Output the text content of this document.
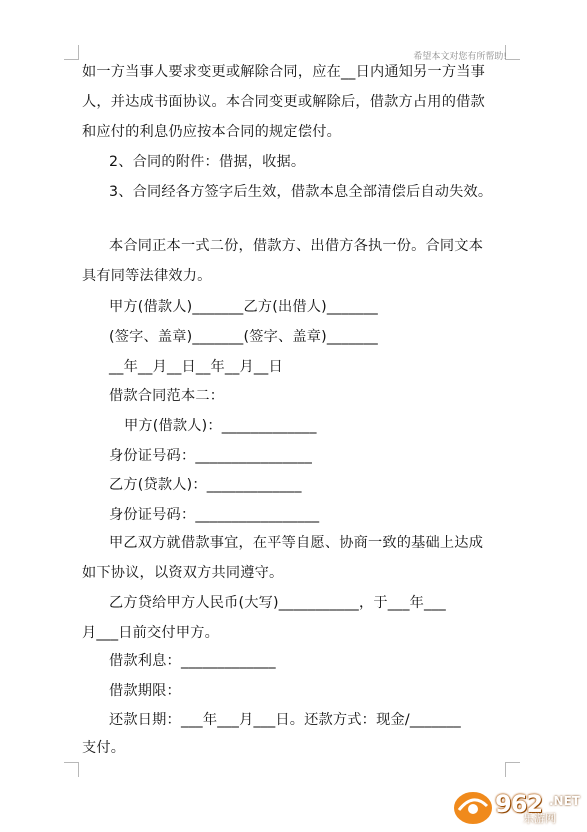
希望本文对您有所帮助!
如一方当事人要求变更或解除合同，应在__日内通知另一方当事
人，并达成书面协议。本合同变更或解除后，借款方占用的借款
和应付的利息仍应按本合同的规定偿付。
2、合同的附件：借据，收据。
3、合同经各方签字后生效，借款本息全部清偿后自动失效。
本合同正本一式二份，借款方、出借方各执一份。合同文本
具有同等法律效力。
甲方(借款人)_______乙方(出借人)_______
(签字、盖章)_______(签字、盖章)_______
__年__月__日__年__月__日
借款合同范本二：
甲方(借款人)：_____________
身份证号码：________________
乙方(贷款人)：_____________
身份证号码：_________________
甲乙双方就借款事宜，在平等自愿、协商一致的基础上达成
如下协议，以资双方共同遵守。
乙方贷给甲方人民币(大写)___________，于___年___
月___日前交付甲方。
借款利息：_____________
借款期限：
还款日期：___年___月___日。还款方式：现金/_______
支付。
962 .NET
乐游网
